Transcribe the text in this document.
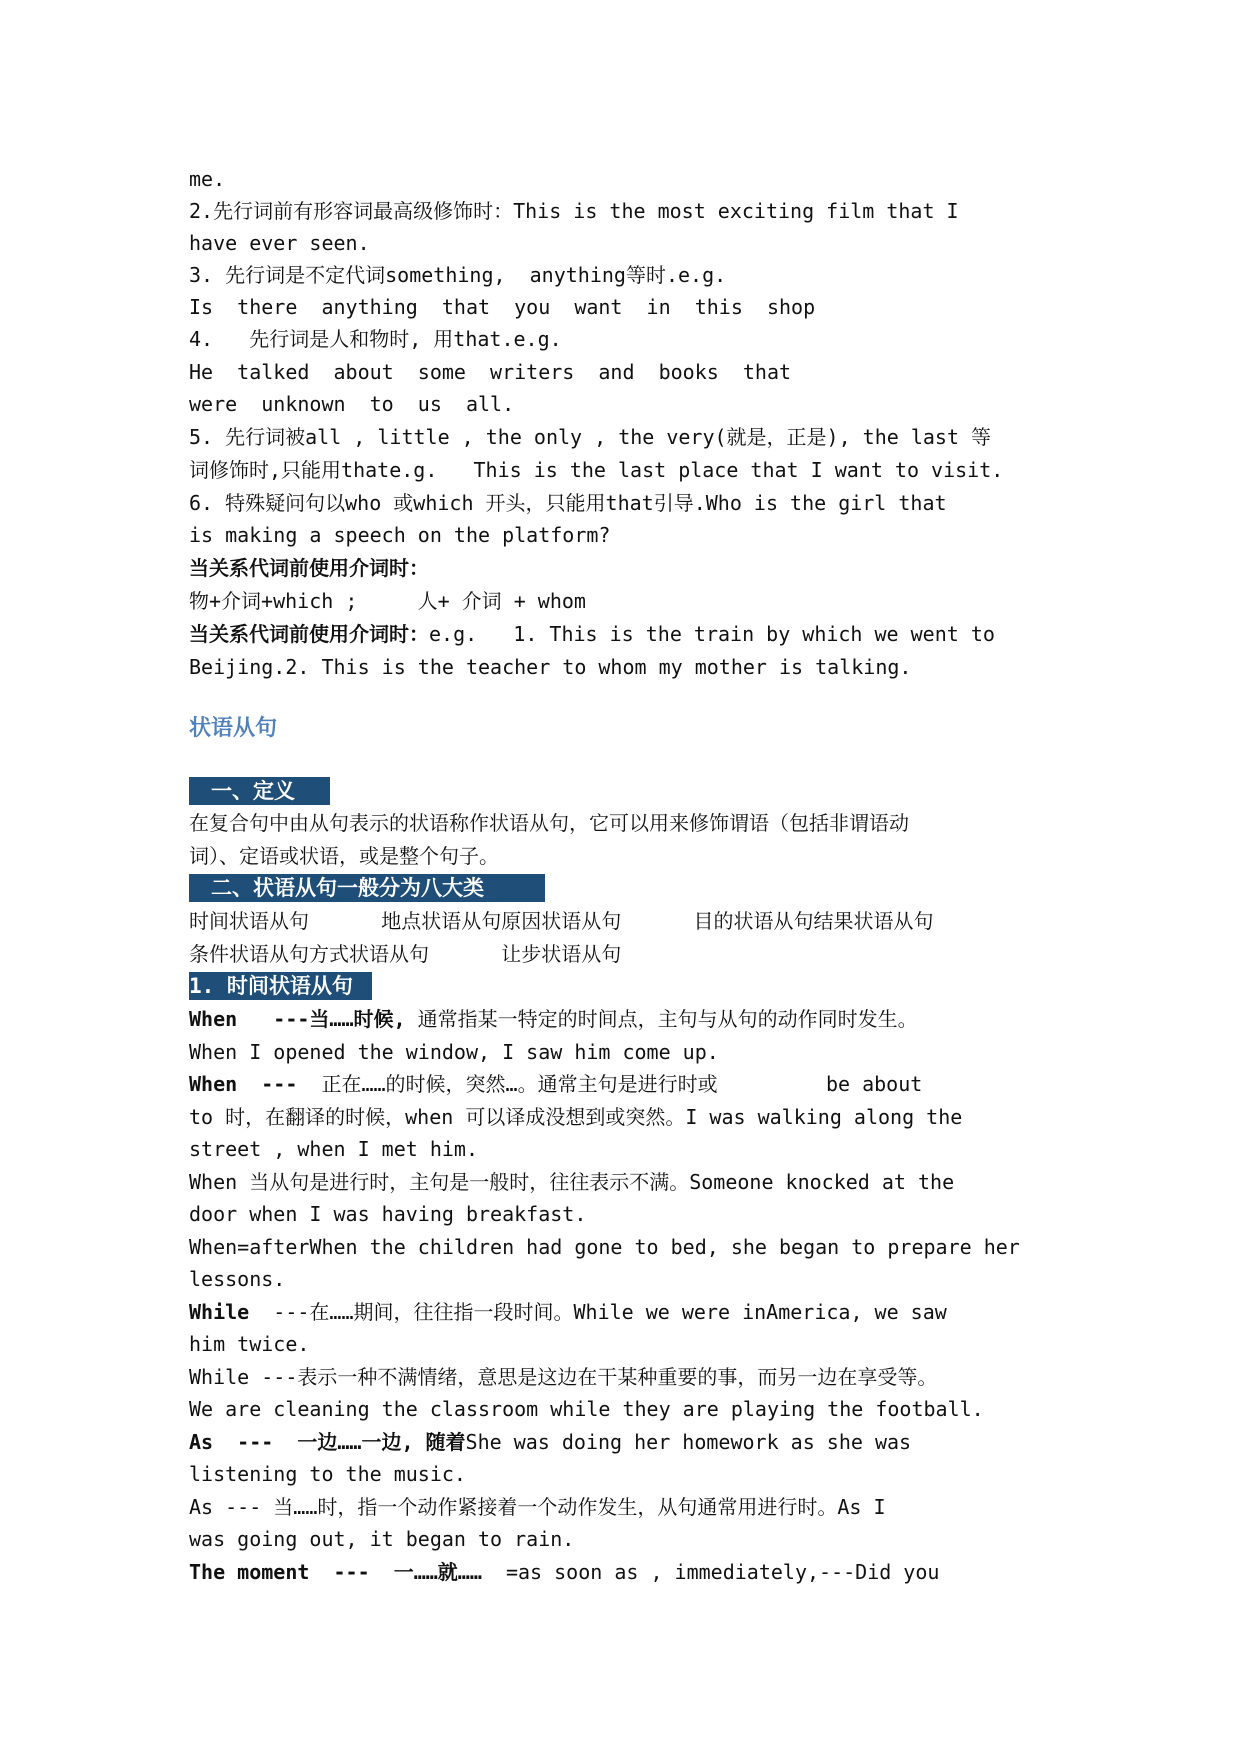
me.

2.先行词前有形容词最高级修饰时：This is the most exciting film that I

have ever seen.

3. 先行词是不定代词something,  anything等时.e.g.

Is  there  anything  that  you  want  in  this  shop

4.   先行词是人和物时, 用that.e.g.

He  talked  about  some  writers  and  books  that

were  unknown  to  us  all.

5. 先行词被all , little , the only , the very(就是，正是), the last 等

词修饰时,只能用thate.g.   This is the last place that I want to visit.

6. 特殊疑问句以who 或which 开头，只能用that引导.Who is the girl that

is making a speech on the platform?

当关系代词前使用介词时：

物+介词+which ;     人+ 介词 + whom

当关系代词前使用介词时：e.g.   1. This is the train by which we went to

Beijing.2. This is the teacher to whom my mother is talking.

状语从句
一、定义

在复合句中由从句表示的状语称作状语从句，它可以用来修饰谓语（包括非谓语动

词）、定语或状语，或是整个句子。

二、状语从句一般分为八大类

时间状语从句      地点状语从句原因状语从句      目的状语从句结果状语从句

条件状语从句方式状语从句      让步状语从句

1. 时间状语从句

When   ---当……时候, 通常指某一特定的时间点，主句与从句的动作同时发生。

When I opened the window, I saw him come up.

When  ---  正在……的时候，突然…。通常主句是进行时或         be about

to 时，在翻译的时候，when 可以译成没想到或突然。I was walking along the

street , when I met him.

When 当从句是进行时，主句是一般时，往往表示不满。Someone knocked at the

door when I was having breakfast.

When=afterWhen the children had gone to bed, she began to prepare her

lessons.

While  ---在……期间，往往指一段时间。While we were inAmerica, we saw

him twice.

While ---表示一种不满情绪，意思是这边在干某种重要的事，而另一边在享受等。

We are cleaning the classroom while they are playing the football.

As  ---  一边……一边, 随着She was doing her homework as she was

listening to the music.

As --- 当……时，指一个动作紧接着一个动作发生，从句通常用进行时。As I

was going out, it began to rain.

The moment  ---  一……就……  =as soon as , immediately,---Did you
